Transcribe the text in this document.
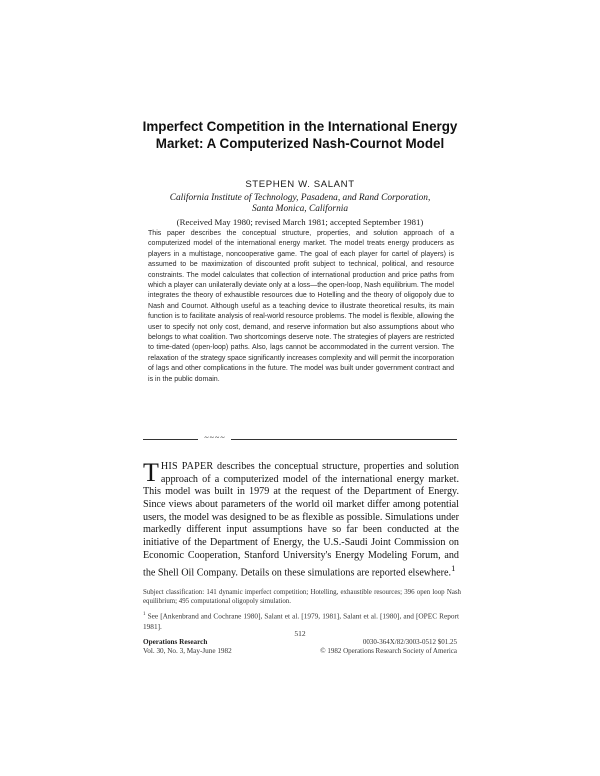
Imperfect Competition in the International Energy Market: A Computerized Nash-Cournot Model
STEPHEN W. SALANT
California Institute of Technology, Pasadena, and Rand Corporation,
Santa Monica, California
(Received May 1980; revised March 1981; accepted September 1981)

This paper describes the conceptual structure, properties, and solution approach of a computerized model of the international energy market. The model treats energy producers as players in a multistage, noncooperative game. The goal of each player for cartel of players) is assumed to be maximization of discounted profit subject to technical, political, and resource constraints. The model calculates that collection of international production and price paths from which a player can unilaterally deviate only at a loss—the open-loop, Nash equilibrium. The model integrates the theory of exhaustible resources due to Hotelling and the theory of oligopoly due to Nash and Cournot. Although useful as a teaching device to illustrate theoretical results, its main function is to facilitate analysis of real-world resource problems. The model is flexible, allowing the user to specify not only cost, demand, and reserve information but also assumptions about who belongs to what coalition. Two shortcomings deserve note. The strategies of players are restricted to time-dated (open-loop) paths. Also, lags cannot be accommodated in the current version. The relaxation of the strategy space significantly increases complexity and will permit the incorporation of lags and other complications in the future. The model was built under government contract and is in the public domain.

~~~~

THIS PAPER describes the conceptual structure, properties and solution approach of a computerized model of the international energy market. This model was built in 1979 at the request of the Department of Energy. Since views about parameters of the world oil market differ among potential users, the model was designed to be as flexible as possible. Simulations under markedly different input assumptions have so far been conducted at the initiative of the Department of Energy, the U.S.-Saudi Joint Commission on Economic Cooperation, Stanford University's Energy Modeling Forum, and the Shell Oil Company. Details on these simulations are reported elsewhere.$^1$

Subject classification: 141 dynamic imperfect competition; Hotelling, exhaustible resources; 396 open loop Nash equilibrium; 495 computational oligopoly simulation.

$^1$ See [Ankenbrand and Cochrane 1980], Salant et al. [1979, 1981], Salant et al. [1980], and [OPEC Report 1981].

512
Operations Research
Vol. 30, No. 3, May-June 1982
0030-364X/82/3003-0512 $01.25
© 1982 Operations Research Society of America
